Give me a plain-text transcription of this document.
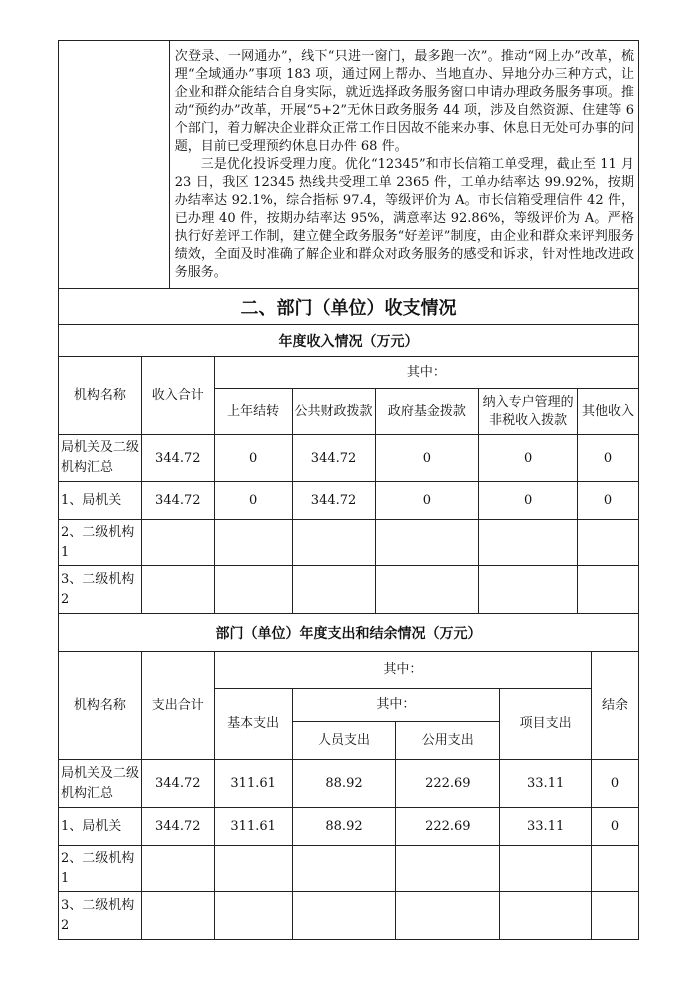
次登录、一网通办”，线下“只进一窗门，最多跑一次”。推动“网上办”改革，梳理“全域通办”事项 183 项，通过网上帮办、当地直办、异地分办三种方式，让企业和群众能结合自身实际，就近选择政务服务窗口申请办理政务服务事项。推动“预约办”改革，开展“5+2”无休日政务服务 44 项，涉及自然资源、住建等 6 个部门，着力解决企业群众正常工作日因故不能来办事、休息日无处可办事的问题，目前已受理预约休息日办件 68 件。

三是优化投诉受理力度。优化“12345”和市长信箱工单受理，截止至 11 月 23 日，我区 12345 热线共受理工单 2365 件，工单办结率达 99.92%，按期办结率达 92.1%，综合指标 97.4，等级评价为 A。市长信箱受理信件 42 件，已办理 40 件，按期办结率达 95%，满意率达 92.86%，等级评价为 A。严格执行好差评工作制，建立健全政务服务“好差评”制度，由企业和群众来评判服务绩效，全面及时准确了解企业和群众对政务服务的感受和诉求，针对性地改进政务服务。

二、部门（单位）收支情况						
年度收入情况（万元）						
机构名称	收入合计	其中：				
		上年结转	公共财政拨款	政府基金拨款	纳入专户管理的非税收入拨款	其他收入
局机关及二级机构汇总	344.72	0	344.72	0	0	0
1、局机关	344.72	0	344.72	0	0	0
2、二级机构1						
3、二级机构2						
部门（单位）年度支出和结余情况（万元）						
机构名称	支出合计	其中：				结余
		基本支出	其中：		项目支出	
			人员支出	公用支出		
局机关及二级机构汇总	344.72	311.61	88.92	222.69	33.11	0
1、局机关	344.72	311.61	88.92	222.69	33.11	0
2、二级机构1						
3、二级机构2						
